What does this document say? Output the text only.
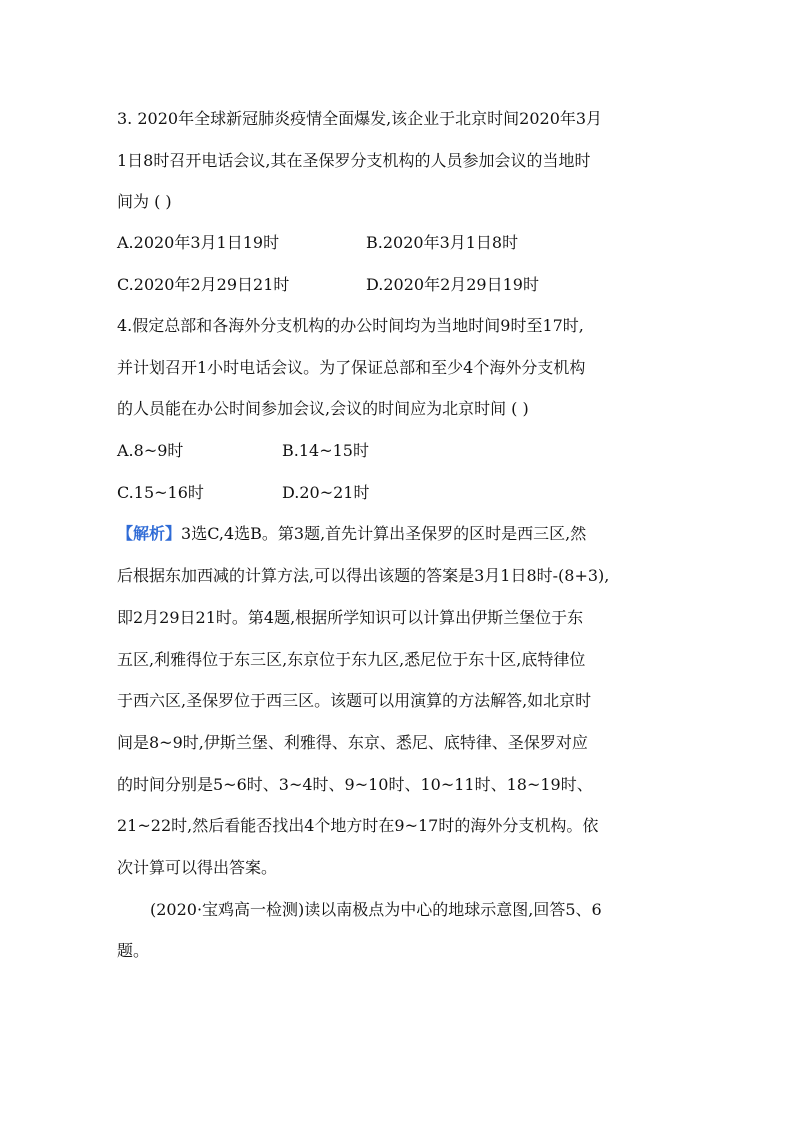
3. 2020年全球新冠肺炎疫情全面爆发,该企业于北京时间2020年3月
1日8时召开电话会议,其在圣保罗分支机构的人员参加会议的当地时
间为 ( )
A.2020年3月1日19时	B.2020年3月1日8时
C.2020年2月29日21时	D.2020年2月29日19时
4.假定总部和各海外分支机构的办公时间均为当地时间9时至17时,
并计划召开1小时电话会议。为了保证总部和至少4个海外分支机构
的人员能在办公时间参加会议,会议的时间应为北京时间 ( )
A.8~9时	B.14~15时
C.15~16时	D.20~21时
【解析】3选C,4选B。第3题,首先计算出圣保罗的区时是西三区,然
后根据东加西减的计算方法,可以得出该题的答案是3月1日8时-(8+3),
即2月29日21时。第4题,根据所学知识可以计算出伊斯兰堡位于东
五区,利雅得位于东三区,东京位于东九区,悉尼位于东十区,底特律位
于西六区,圣保罗位于西三区。该题可以用演算的方法解答,如北京时
间是8~9时,伊斯兰堡、利雅得、东京、悉尼、底特律、圣保罗对应
的时间分别是5~6时、3~4时、9~10时、10~11时、18~19时、
21~22时,然后看能否找出4个地方时在9~17时的海外分支机构。依
次计算可以得出答案。
(2020·宝鸡高一检测)读以南极点为中心的地球示意图,回答5、6
题。
